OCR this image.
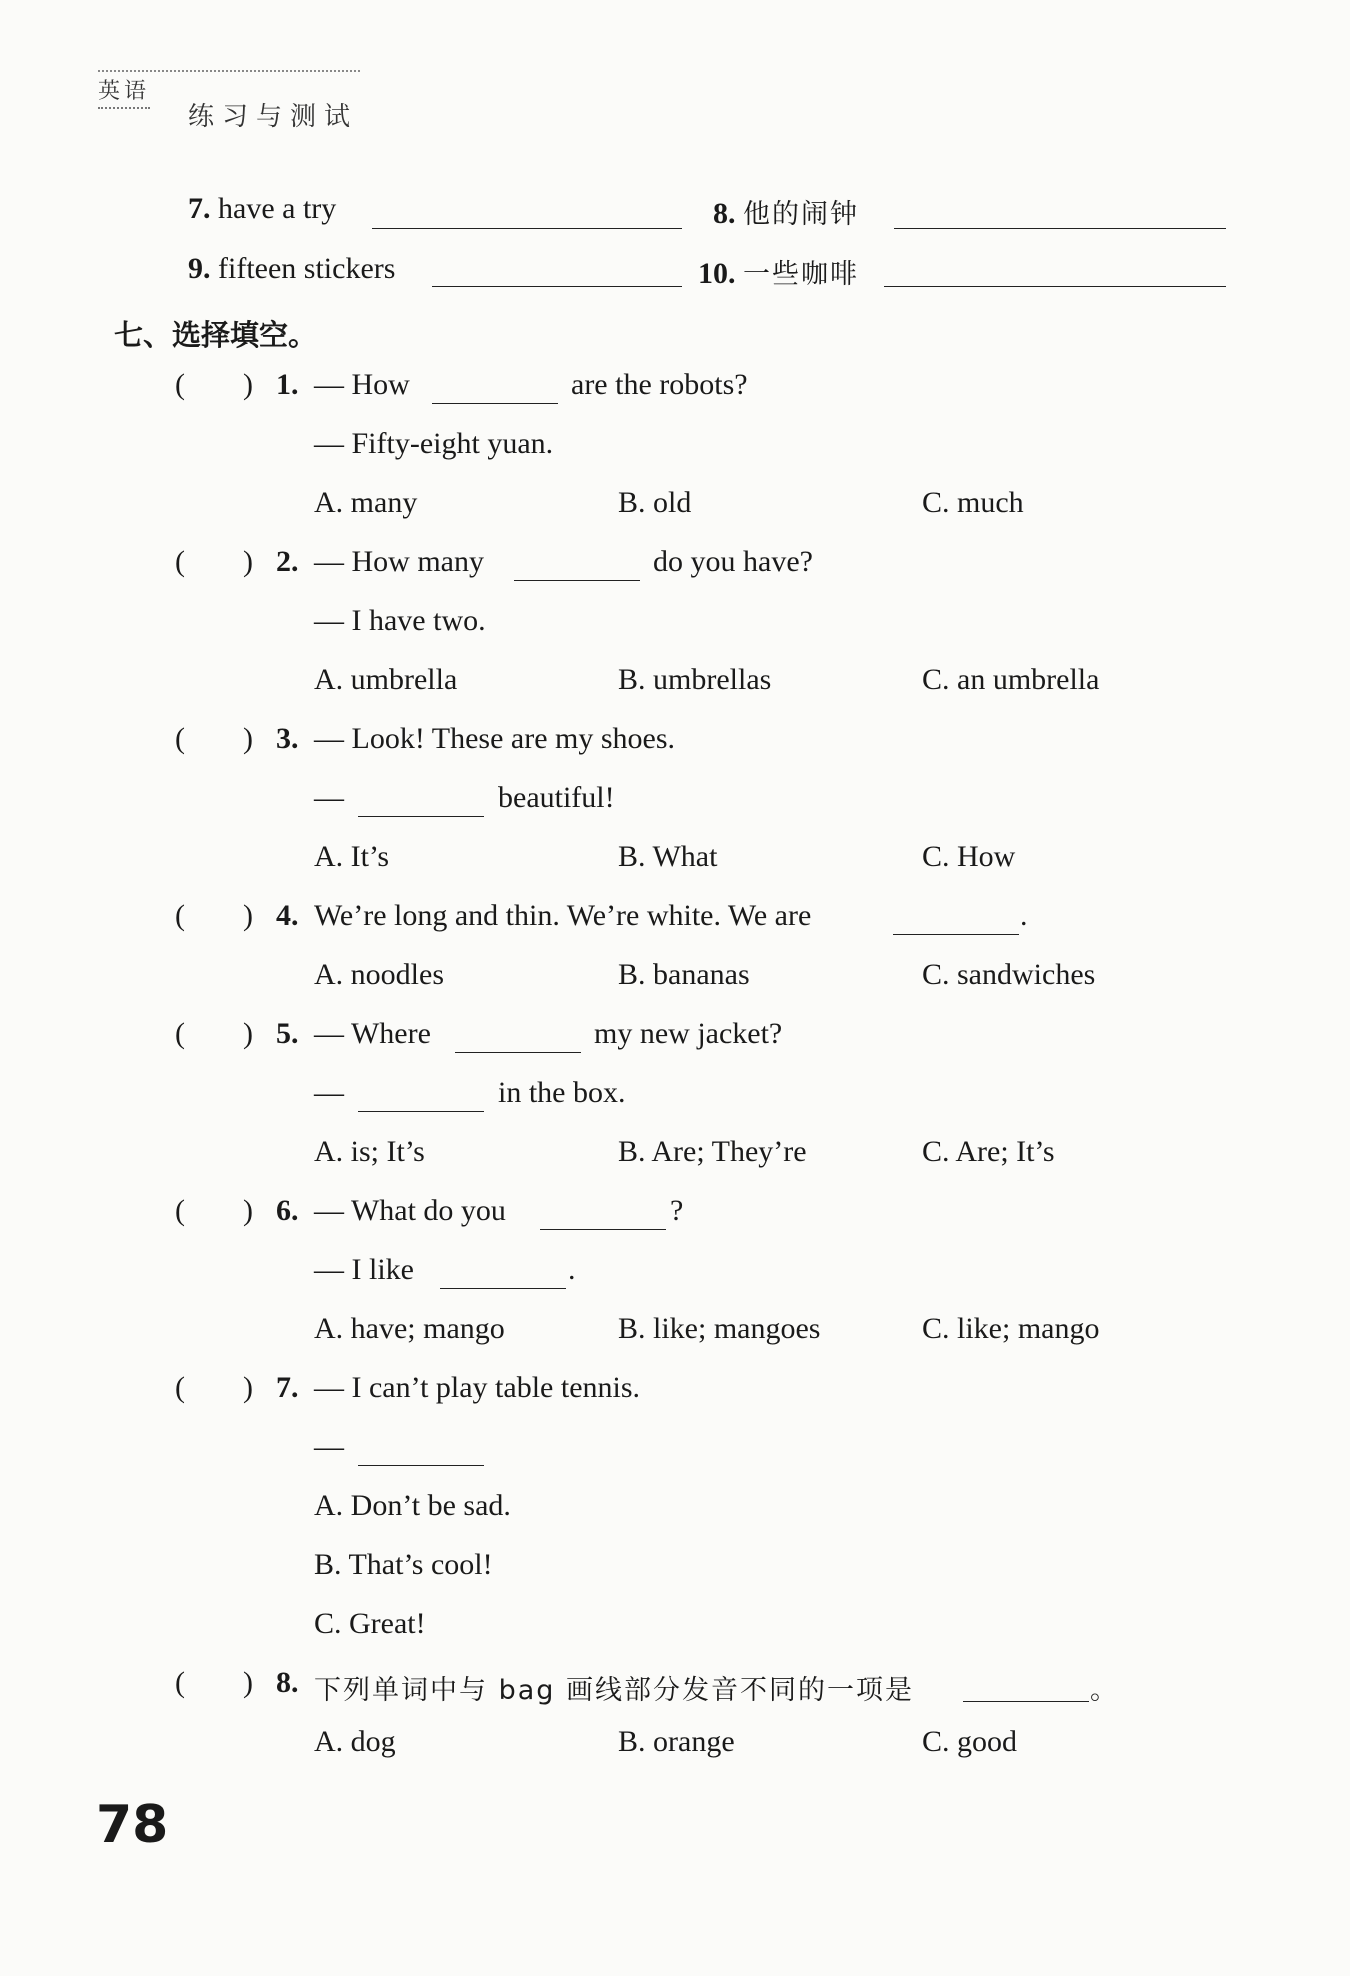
英语
练习与测试
7. have a try	8. 他的闹钟
9. fifteen stickers	10. 一些咖啡
七、选择填空。
( ) 1. — How	are the robots?
— Fifty-eight yuan.
A. many	B. old	C. much
( ) 2. — How many	do you have?
— I have two.
A. umbrella	B. umbrellas	C. an umbrella
( ) 3. — Look! These are my shoes.
—	beautiful!
A. It’s	B. What	C. How
( ) 4. We’re long and thin. We’re white. We are	.
A. noodles	B. bananas	C. sandwiches
( ) 5. — Where	my new jacket?
—	in the box.
A. is; It’s	B. Are; They’re	C. Are; It’s
( ) 6. — What do you	?
— I like	.
A. have; mango	B. like; mangoes	C. like; mango
( ) 7. — I can’t play table tennis.
—
A. Don’t be sad.
B. That’s cool!
C. Great!
( ) 8. 下列单词中与 bag 画线部分发音不同的一项是	。
A. dog	B. orange	C. good
78
